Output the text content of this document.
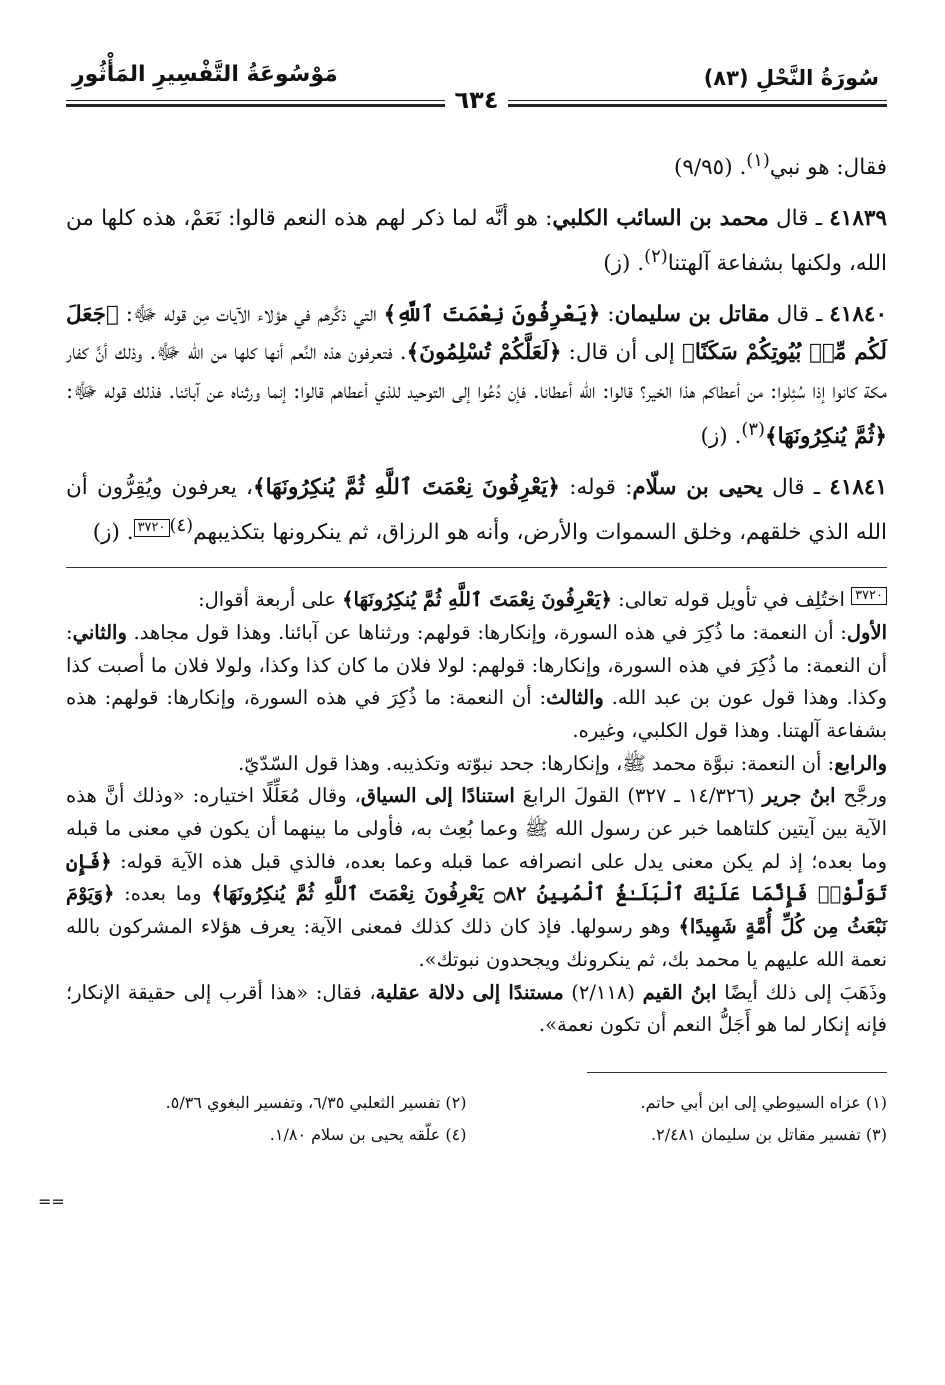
سُورَةُ النَّحْلِ (٨٣)
مَوْسُوعَةُ التَّفْسِيرِ المَأْثُورِ
٦٣٤

فقال: هو نبي$^{(١)}$. (٩/٩٥)

٤١٨٣٩ ـ قال محمد بن السائب الكلبي: هو أنَّه لما ذكر لهم هذه النعم قالوا: نَعَمْ، هذه كلها من الله، ولكنها بشفاعة آلهتنا$^{(٢)}$. (ز)

٤١٨٤٠ ـ قال مقاتل بن سليمان: ﴿يَعْرِفُونَ نِعْمَتَ ٱللَّهِ﴾ التي ذكَّرهم في هؤلاء الآيات مِن قوله ﷻ: ﴿جَعَلَ لَكُم مِّنۢ بُيُوتِكُمْ سَكَنًا﴾ إلى أن قال: ﴿لَعَلَّكُمْ تُسْلِمُونَ﴾. فتعرفون هذه النِّعم أنها كلها من الله ﷻ. وذلك أنَّ كفار مكة كانوا إذا سُئِلوا: من أعطاكم هذا الخير؟ قالوا: الله أعطانا. فإن دُعُوا إلى التوحيد للذي أعطاهم قالوا: إنما ورثناه عن آبائنا. فذلك قوله ﷻ: ﴿ثُمَّ يُنكِرُونَهَا﴾$^{(٣)}$. (ز)

٤١٨٤١ ـ قال يحيى بن سلّام: قوله: ﴿يَعْرِفُونَ نِعْمَتَ ٱللَّهِ ثُمَّ يُنكِرُونَهَا﴾، يعرفون ويُقِرُّون أن الله الذي خلقهم، وخلق السموات والأرض، وأنه هو الرزاق، ثم ينكرونها بتكذيبهم$^{(٤)}$٣٧٢٠. (ز)

٣٧٢٠ اختُلِف في تأويل قوله تعالى: ﴿يَعْرِفُونَ نِعْمَتَ ٱللَّهِ ثُمَّ يُنكِرُونَهَا﴾ على أربعة أقوال:

الأول: أن النعمة: ما ذُكِرَ في هذه السورة، وإنكارها: قولهم: ورثناها عن آبائنا. وهذا قول مجاهد. والثاني: أن النعمة: ما ذُكِرَ في هذه السورة، وإنكارها: قولهم: لولا فلان ما كان كذا وكذا، ولولا فلان ما أصبت كذا وكذا. وهذا قول عون بن عبد الله. والثالث: أن النعمة: ما ذُكِرَ في هذه السورة، وإنكارها: قولهم: هذه بشفاعة آلهتنا. وهذا قول الكلبي، وغيره.

والرابع: أن النعمة: نبوَّة محمد ﷺ، وإنكارها: جحد نبوّته وتكذيبه. وهذا قول السّدّيّ.

ورجَّح ابنُ جرير (١٤/٣٢٦ ـ ٣٢٧) القولَ الرابعَ استنادًا إلى السياق، وقال مُعَلِّلًا اختياره: «وذلك أنَّ هذه الآية بين آيتين كلتاهما خبر عن رسول الله ﷺ وعما بُعِث به، فأولى ما بينهما أن يكون في معنى ما قبله وما بعده؛ إذ لم يكن معنى يدل على انصرافه عما قبله وعما بعده، فالذي قبل هذه الآية قوله: ﴿فَإِن تَوَلَّوْا۟ فَإِنَّمَا عَلَيْكَ ٱلْبَلَـٰغُ ٱلْمُبِينُ ۝٨٢ يَعْرِفُونَ نِعْمَتَ ٱللَّهِ ثُمَّ يُنكِرُونَهَا﴾ وما بعده: ﴿وَيَوْمَ نَبْعَثُ مِن كُلِّ أُمَّةٍ شَهِيدًا﴾ وهو رسولها. فإذ كان ذلك كذلك فمعنى الآية: يعرف هؤلاء المشركون بالله نعمة الله عليهم يا محمد بك، ثم ينكرونك ويجحدون نبوتك».

وذَهَبَ إلى ذلك أيضًا ابنُ القيم (٢/١١٨) مستندًا إلى دلالة عقلية، فقال: «هذا أقرب إلى حقيقة الإنكار؛ فإنه إنكار لما هو أَجَلُّ النعم أن تكون نعمة».

(١) عزاه السيوطي إلى ابن أبي حاتم.
(٢) تفسير الثعلبي ٦/٣٥، وتفسير البغوي ٥/٣٦.
(٣) تفسير مقاتل بن سليمان ٢/٤٨١.
(٤) علّقه يحيى بن سلام ١/٨٠.
==
